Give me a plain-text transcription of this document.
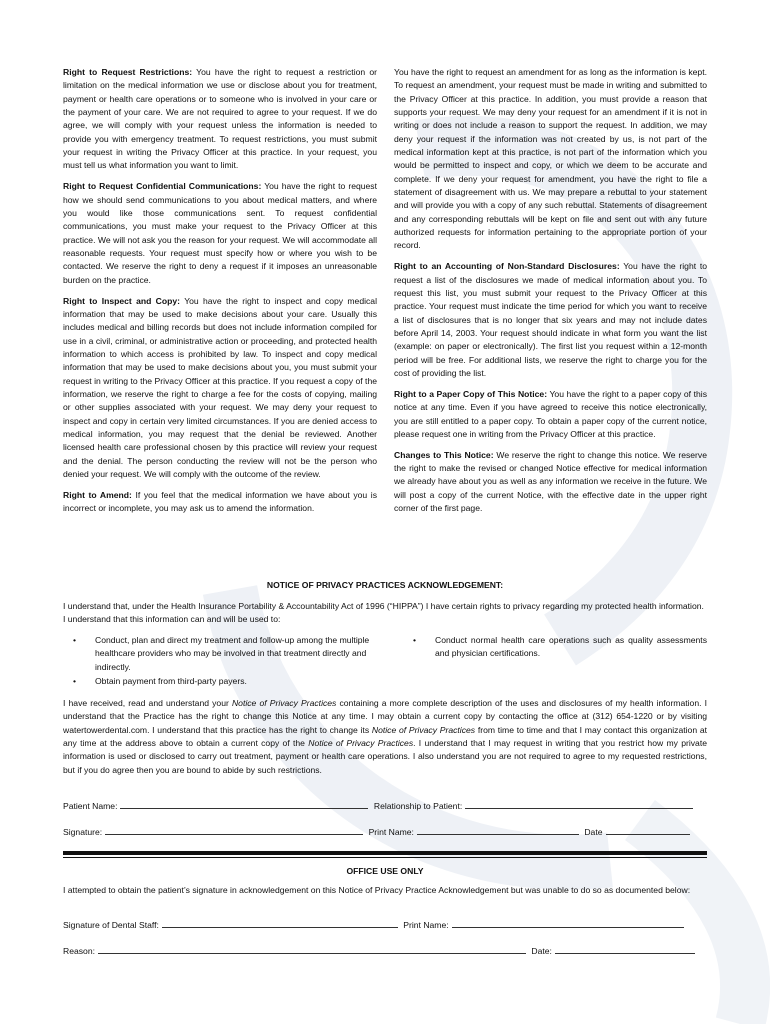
Right to Request Restrictions: You have the right to request a restriction or limitation on the medical information we use or disclose about you for treatment, payment or health care operations or to someone who is involved in your care or the payment of your care. We are not required to agree to your request. If we do agree, we will comply with your request unless the information is needed to provide you with emergency treatment. To request restrictions, you must submit your request in writing the Privacy Officer at this practice. In your request, you must tell us what information you want to limit.

Right to Request Confidential Communications: You have the right to request how we should send communications to you about medical matters, and where you would like those communications sent. To request confidential communications, you must make your request to the Privacy Officer at this practice. We will not ask you the reason for your request. We will accommodate all reasonable requests. Your request must specify how or where you wish to be contacted. We reserve the right to deny a request if it imposes an unreasonable burden on the practice.

Right to Inspect and Copy: You have the right to inspect and copy medical information that may be used to make decisions about your care. Usually this includes medical and billing records but does not include information compiled for use in a civil, criminal, or administrative action or proceeding, and protected health information to which access is prohibited by law. To inspect and copy medical information that may be used to make decisions about you, you must submit your request in writing to the Privacy Officer at this practice. If you request a copy of the information, we reserve the right to charge a fee for the costs of copying, mailing or other supplies associated with your request. We may deny your request to inspect and copy in certain very limited circumstances. If you are denied access to medical information, you may request that the denial be reviewed. Another licensed health care professional chosen by this practice will review your request and the denial. The person conducting the review will not be the person who denied your request. We will comply with the outcome of the review.

Right to Amend: If you feel that the medical information we have about you is incorrect or incomplete, you may ask us to amend the information.

You have the right to request an amendment for as long as the information is kept. To request an amendment, your request must be made in writing and submitted to the Privacy Officer at this practice. In addition, you must provide a reason that supports your request. We may deny your request for an amendment if it is not in writing or does not include a reason to support the request. In addition, we may deny your request if the information was not created by us, is not part of the medical information kept at this practice, is not part of the information which you would be permitted to inspect and copy, or which we deem to be accurate and complete. If we deny your request for amendment, you have the right to file a statement of disagreement with us. We may prepare a rebuttal to your statement and will provide you with a copy of any such rebuttal. Statements of disagreement and any corresponding rebuttals will be kept on file and sent out with any future authorized requests for information pertaining to the appropriate portion of your record.

Right to an Accounting of Non-Standard Disclosures: You have the right to request a list of the disclosures we made of medical information about you. To request this list, you must submit your request to the Privacy Officer at this practice. Your request must indicate the time period for which you want to receive a list of disclosures that is no longer that six years and may not include dates before April 14, 2003. Your request should indicate in what form you want the list (example: on paper or electronically). The first list you request within a 12-month period will be free. For additional lists, we reserve the right to charge you for the cost of providing the list.

Right to a Paper Copy of This Notice: You have the right to a paper copy of this notice at any time. Even if you have agreed to receive this notice electronically, you are still entitled to a paper copy. To obtain a paper copy of the current notice, please request one in writing from the Privacy Officer at this practice.

Changes to This Notice: We reserve the right to change this notice. We reserve the right to make the revised or changed Notice effective for medical information we already have about you as well as any information we receive in the future. We will post a copy of the current Notice, with the effective date in the upper right corner of the first page.

NOTICE OF PRIVACY PRACTICES ACKNOWLEDGEMENT:
I understand that, under the Health Insurance Portability & Accountability Act of 1996 (“HIPPA”) I have certain rights to privacy regarding my protected health information. I understand that this information can and will be used to:
• Conduct, plan and direct my treatment and follow-up among the multiple healthcare providers who may be involved in that treatment directly and indirectly.
• Obtain payment from third-party payers.
• Conduct normal health care operations such as quality assessments and physician certifications.
I have received, read and understand your Notice of Privacy Practices containing a more complete description of the uses and disclosures of my health information. I understand that the Practice has the right to change this Notice at any time. I may obtain a current copy by contacting the office at (312) 654-1220 or by visiting watertowerdental.com. I understand that this practice has the right to change its Notice of Privacy Practices from time to time and that I may contact this organization at any time at the address above to obtain a current copy of the Notice of Privacy Practices. I understand that I may request in writing that you restrict how my private information is used or disclosed to carry out treatment, payment or health care operations. I also understand you are not required to agree to my requested restrictions, but if you do agree then you are bound to abide by such restrictions.
Patient Name:	Relationship to Patient:
Signature:	Print Name:	Date
OFFICE USE ONLY
I attempted to obtain the patient’s signature in acknowledgement on this Notice of Privacy Practice Acknowledgement but was unable to do so as documented below:
Signature of Dental Staff:	Print Name:
Reason:	Date:
